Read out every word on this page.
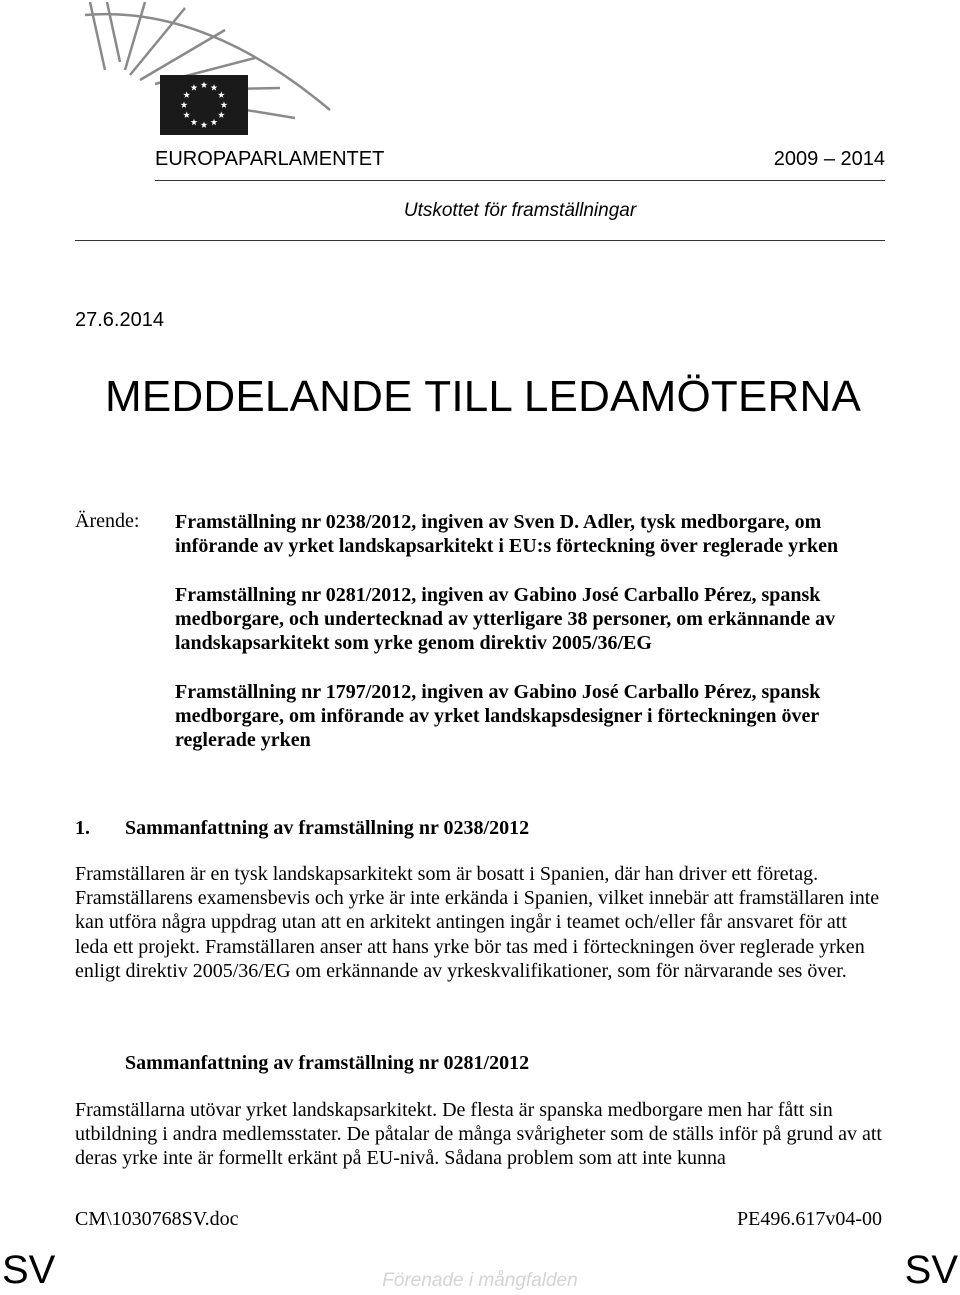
EUROPAPARLAMENTET	2009 – 2014
Utskottet för framställningar
27.6.2014
MEDDELANDE TILL LEDAMÖTERNA
Ärende: Framställning nr 0238/2012, ingiven av Sven D. Adler, tysk medborgare, om införande av yrket landskapsarkitekt i EU:s förteckning över reglerade yrken

Framställning nr 0281/2012, ingiven av Gabino José Carballo Pérez, spansk medborgare, och undertecknad av ytterligare 38 personer, om erkännande av landskapsarkitekt som yrke genom direktiv 2005/36/EG

Framställning nr 1797/2012, ingiven av Gabino José Carballo Pérez, spansk medborgare, om införande av yrket landskapsdesigner i förteckningen över reglerade yrken

1. Sammanfattning av framställning nr 0238/2012
Framställaren är en tysk landskapsarkitekt som är bosatt i Spanien, där han driver ett företag. Framställarens examensbevis och yrke är inte erkända i Spanien, vilket innebär att framställaren inte kan utföra några uppdrag utan att en arkitekt antingen ingår i teamet och/eller får ansvaret för att leda ett projekt. Framställaren anser att hans yrke bör tas med i förteckningen över reglerade yrken enligt direktiv 2005/36/EG om erkännande av yrkeskvalifikationer, som för närvarande ses över.
Sammanfattning av framställning nr 0281/2012
Framställarna utövar yrket landskapsarkitekt. De flesta är spanska medborgare men har fått sin utbildning i andra medlemsstater. De påtalar de många svårigheter som de ställs inför på grund av att deras yrke inte är formellt erkänt på EU-nivå. Sådana problem som att inte kunna
CM\1030768SV.doc	PE496.617v04-00
SV	SV
Förenade i mångfalden
